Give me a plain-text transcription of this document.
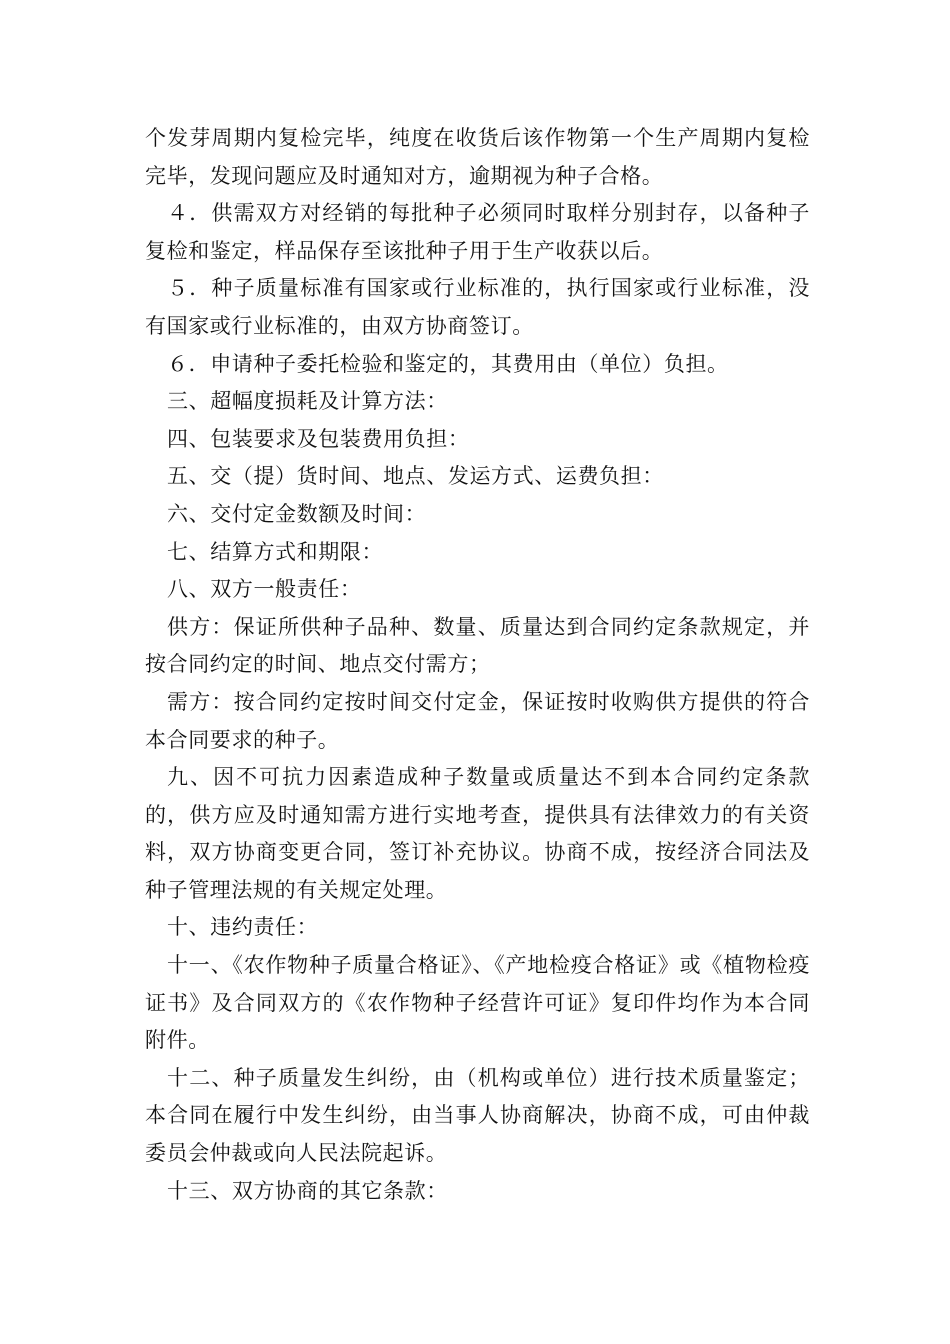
个发芽周期内复检完毕，纯度在收货后该作物第一个生产周期内复检完毕，发现问题应及时通知对方，逾期视为种子合格。

４．供需双方对经销的每批种子必须同时取样分别封存，以备种子复检和鉴定，样品保存至该批种子用于生产收获以后。

５．种子质量标准有国家或行业标准的，执行国家或行业标准，没有国家或行业标准的，由双方协商签订。

６．申请种子委托检验和鉴定的，其费用由（单位）负担。

三、超幅度损耗及计算方法：

四、包装要求及包装费用负担：

五、交（提）货时间、地点、发运方式、运费负担：

六、交付定金数额及时间：

七、结算方式和期限：

八、双方一般责任：

供方：保证所供种子品种、数量、质量达到合同约定条款规定，并按合同约定的时间、地点交付需方；

需方：按合同约定按时间交付定金，保证按时收购供方提供的符合本合同要求的种子。

九、因不可抗力因素造成种子数量或质量达不到本合同约定条款的，供方应及时通知需方进行实地考查，提供具有法律效力的有关资料，双方协商变更合同，签订补充协议。协商不成，按经济合同法及种子管理法规的有关规定处理。

十、违约责任：

十一、《农作物种子质量合格证》、《产地检疫合格证》或《植物检疫证书》及合同双方的《农作物种子经营许可证》复印件均作为本合同附件。

十二、种子质量发生纠纷，由（机构或单位）进行技术质量鉴定；本合同在履行中发生纠纷，由当事人协商解决，协商不成，可由仲裁委员会仲裁或向人民法院起诉。

十三、双方协商的其它条款：
